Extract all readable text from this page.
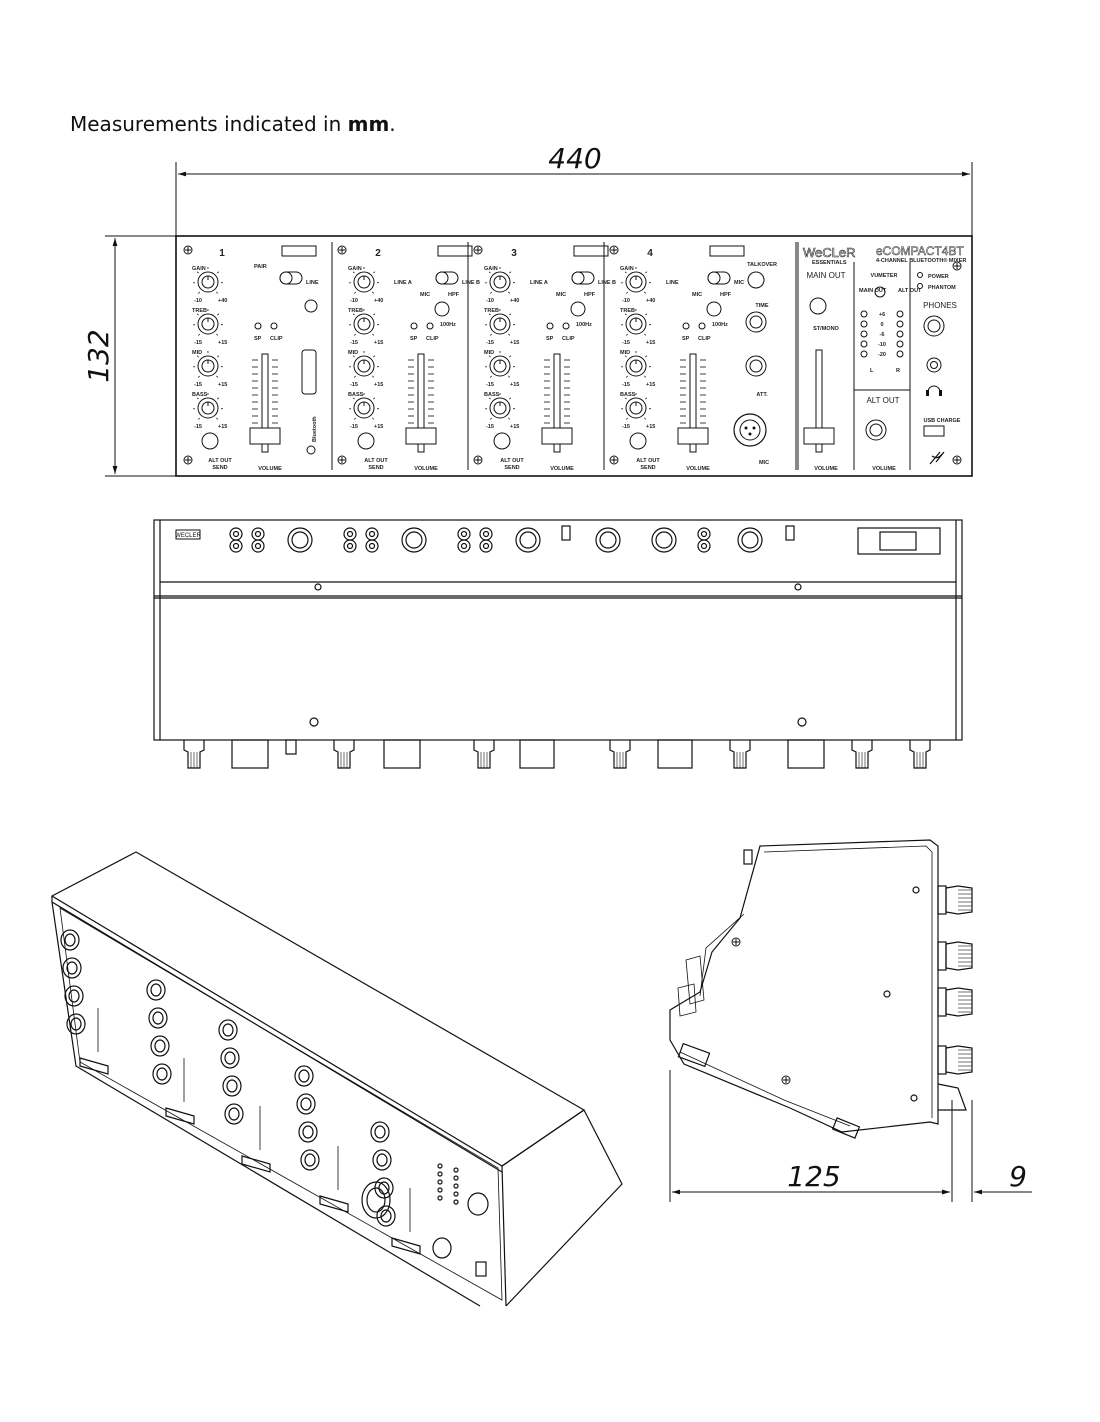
Measurements indicated in mm.
440
132
1
GAIN
-10	+40
TREB
-15	+15
MID
-15	+15
BASS
-15	+15
ALT OUT
SEND
PAIR
LINE
SP CLIP
VOLUME
2
GAIN
-10	+40
TREB
-15	+15
MID
-15	+15
BASS
-15	+15
ALT OUT
SEND
LINE A	LINE B
MIC	HPF
100Hz
SP CLIP
VOLUME
3
GAIN
-10	+40
TREB
-15	+15
MID
-15	+15
BASS
-15	+15
ALT OUT
SEND
LINE A	LINE B
MIC	HPF
100Hz
SP CLIP
VOLUME
4
GAIN
-10	+40
TREB
-15	+15
MID
-15	+15
BASS
-15	+15
ALT OUT
SEND
LINE	MIC
MIC	HPF
100Hz
SP CLIP
VOLUME
Bluetooth
TALKOVER
TIME
ATT.
MIC
MAIN OUT
ST/MONO
VOLUME
VUMETER
MAIN OUT ALT OUT
+6
0
-6
-10
-20
L	R
ALT OUT
VOLUME
WeCLeR
ESSENTIALS
eCOMPACT4BT
4-CHANNEL BLUETOOTH® MIXER
POWER
PHANTOM
PHONES
USB CHARGE
WECLER
125	9
